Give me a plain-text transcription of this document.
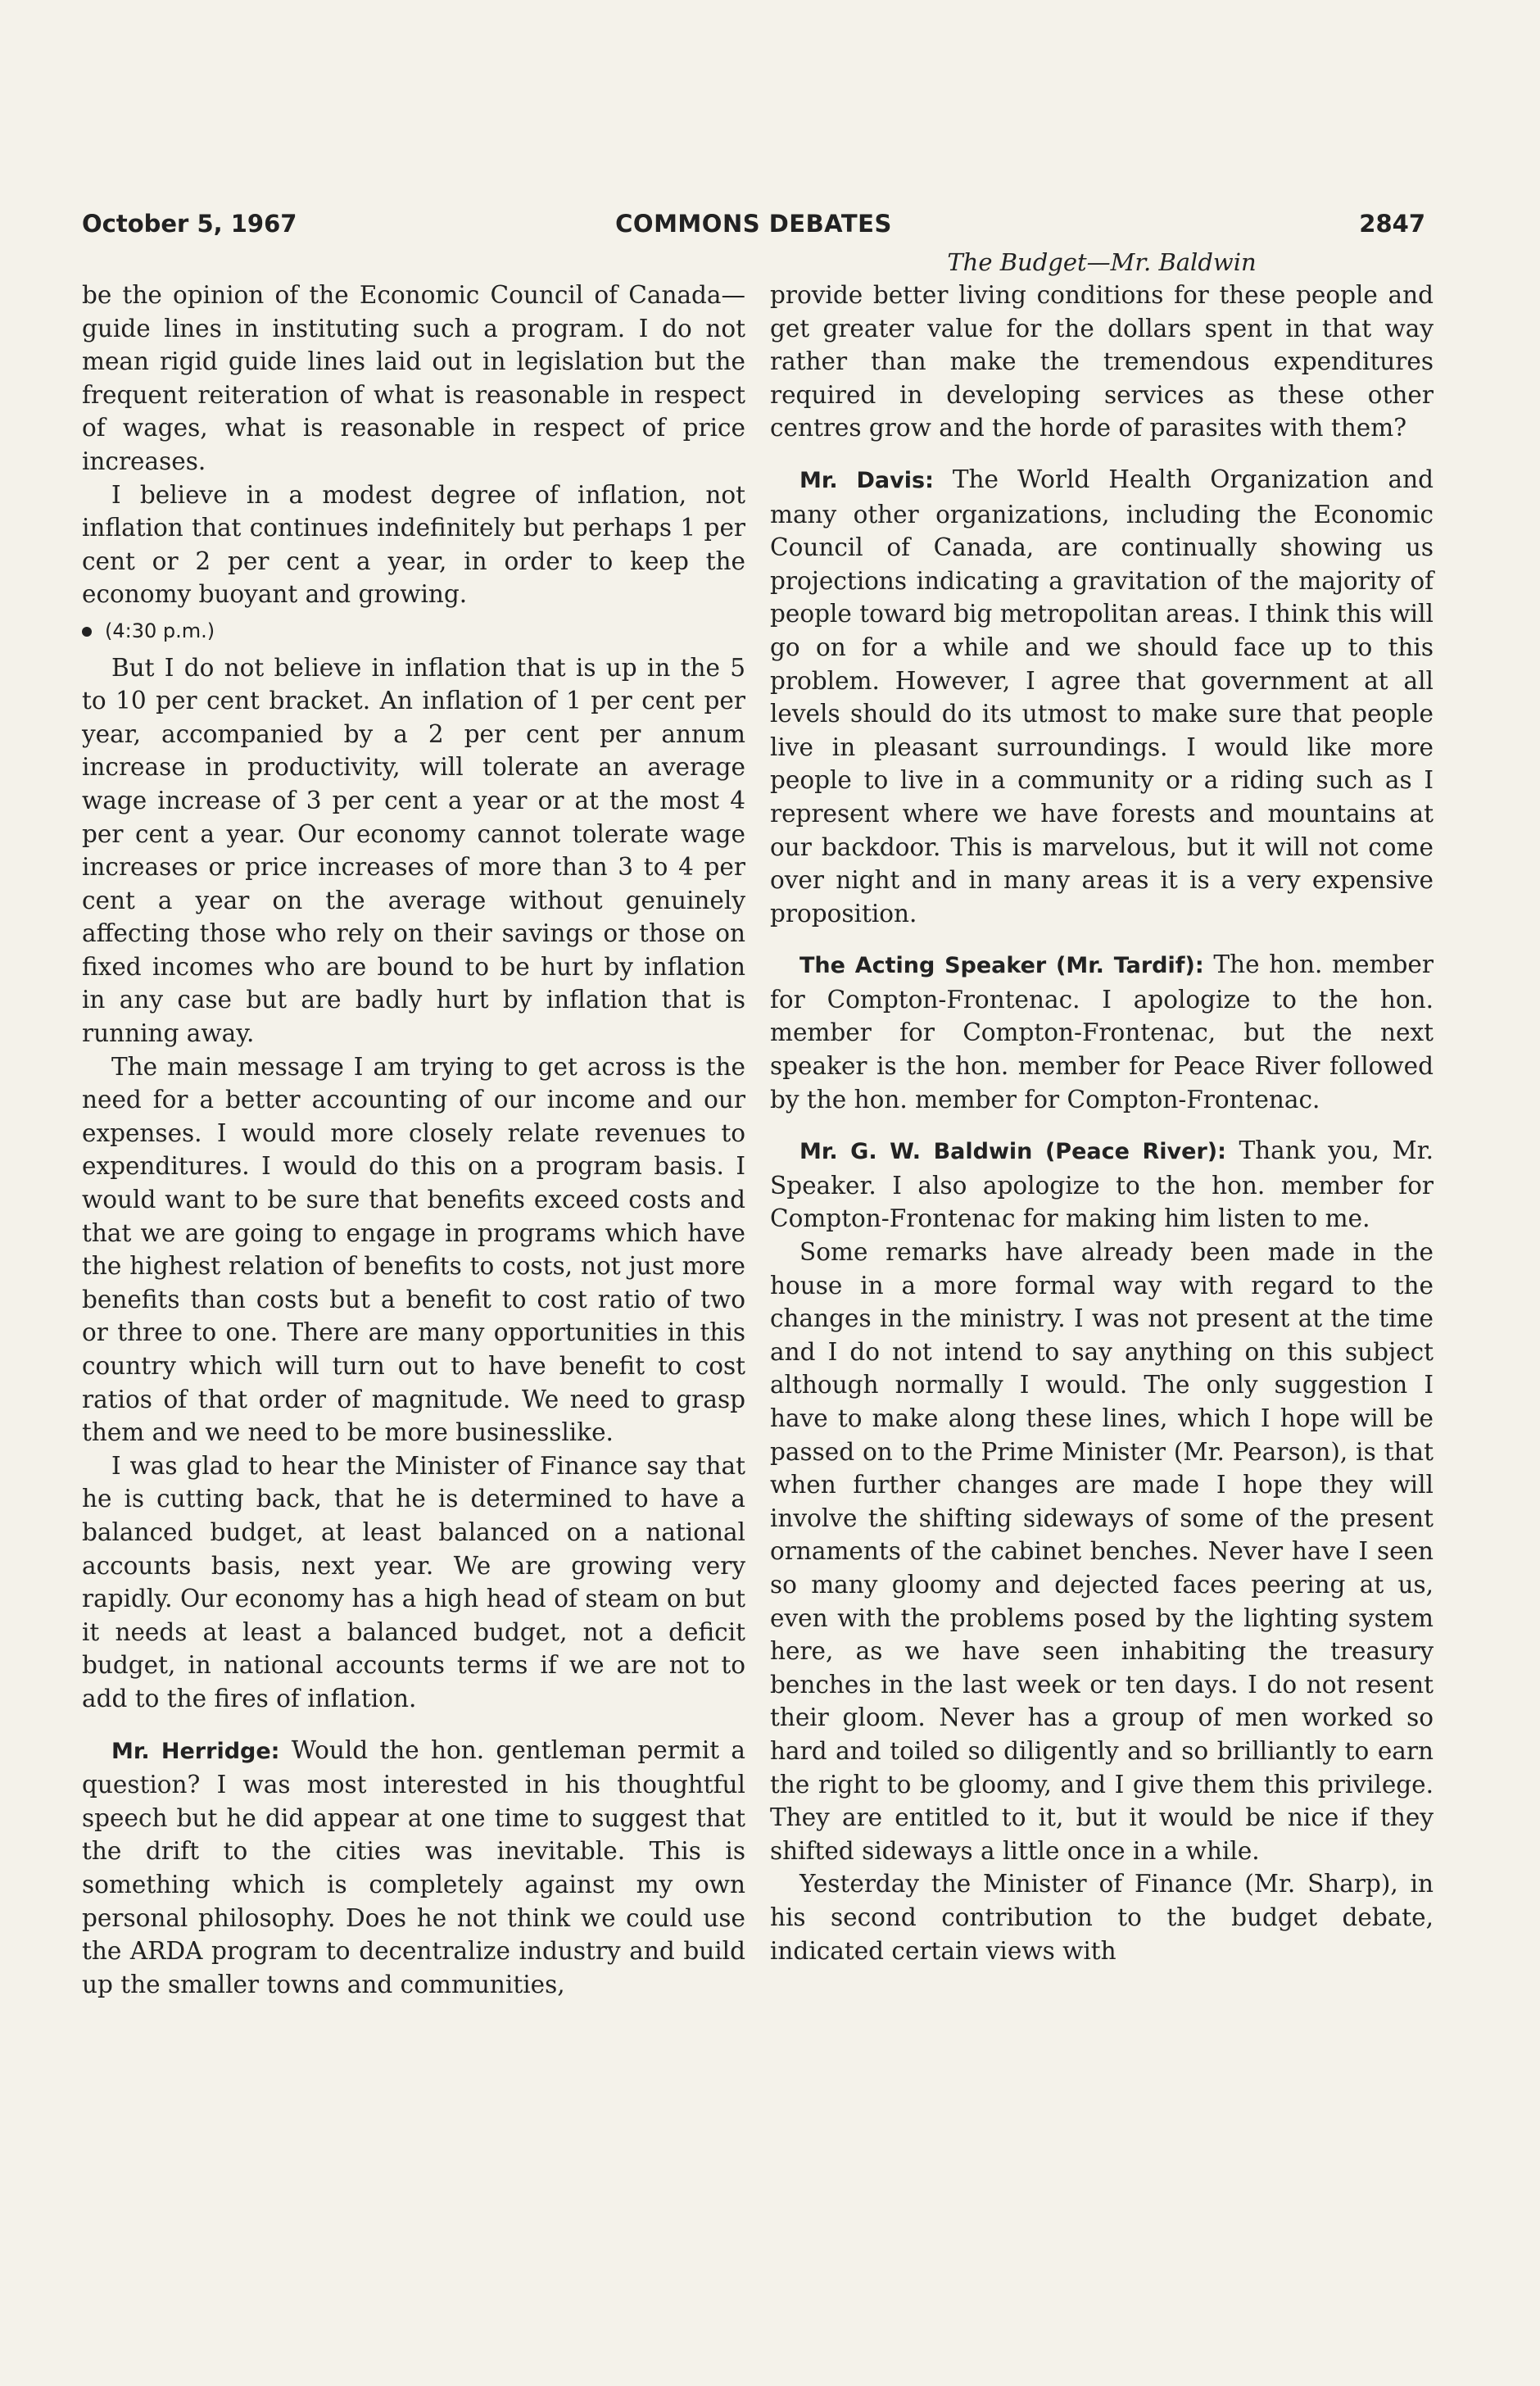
October 5, 1967	COMMONS DEBATES	2847

be the opinion of the Economic Council of Canada—guide lines in instituting such a program. I do not mean rigid guide lines laid out in legislation but the frequent reiteration of what is reasonable in respect of wages, what is reasonable in respect of price increases.

I believe in a modest degree of inflation, not inflation that continues indefinitely but perhaps 1 per cent or 2 per cent a year, in order to keep the economy buoyant and growing.

(4:30 p.m.)

But I do not believe in inflation that is up in the 5 to 10 per cent bracket. An inflation of 1 per cent per year, accompanied by a 2 per cent per annum increase in productivity, will tolerate an average wage increase of 3 per cent a year or at the most 4 per cent a year. Our economy cannot tolerate wage increases or price increases of more than 3 to 4 per cent a year on the average without genuinely affecting those who rely on their savings or those on fixed incomes who are bound to be hurt by inflation in any case but are badly hurt by inflation that is running away.

The main message I am trying to get across is the need for a better accounting of our income and our expenses. I would more closely relate revenues to expenditures. I would do this on a program basis. I would want to be sure that benefits exceed costs and that we are going to engage in programs which have the highest relation of benefits to costs, not just more benefits than costs but a benefit to cost ratio of two or three to one. There are many opportunities in this country which will turn out to have benefit to cost ratios of that order of magnitude. We need to grasp them and we need to be more businesslike.

I was glad to hear the Minister of Finance say that he is cutting back, that he is determined to have a balanced budget, at least balanced on a national accounts basis, next year. We are growing very rapidly. Our economy has a high head of steam on but it needs at least a balanced budget, not a deficit budget, in national accounts terms if we are not to add to the fires of inflation.

Mr. Herridge: Would the hon. gentleman permit a question? I was most interested in his thoughtful speech but he did appear at one time to suggest that the drift to the cities was inevitable. This is something which is completely against my own personal philosophy. Does he not think we could use the ARDA program to decentralize industry and build up the smaller towns and communities,

The Budget—Mr. Baldwin

provide better living conditions for these people and get greater value for the dollars spent in that way rather than make the tremendous expenditures required in developing services as these other centres grow and the horde of parasites with them?

Mr. Davis: The World Health Organization and many other organizations, including the Economic Council of Canada, are continually showing us projections indicating a gravitation of the majority of people toward big metropolitan areas. I think this will go on for a while and we should face up to this problem. However, I agree that government at all levels should do its utmost to make sure that people live in pleasant surroundings. I would like more people to live in a community or a riding such as I represent where we have forests and mountains at our backdoor. This is marvelous, but it will not come over night and in many areas it is a very expensive proposition.

The Acting Speaker (Mr. Tardif): The hon. member for Compton-Frontenac. I apologize to the hon. member for Compton-Frontenac, but the next speaker is the hon. member for Peace River followed by the hon. member for Compton-Frontenac.

Mr. G. W. Baldwin (Peace River): Thank you, Mr. Speaker. I also apologize to the hon. member for Compton-Frontenac for making him listen to me.

Some remarks have already been made in the house in a more formal way with regard to the changes in the ministry. I was not present at the time and I do not intend to say anything on this subject although normally I would. The only suggestion I have to make along these lines, which I hope will be passed on to the Prime Minister (Mr. Pearson), is that when further changes are made I hope they will involve the shifting sideways of some of the present ornaments of the cabinet benches. Never have I seen so many gloomy and dejected faces peering at us, even with the problems posed by the lighting system here, as we have seen inhabiting the treasury benches in the last week or ten days. I do not resent their gloom. Never has a group of men worked so hard and toiled so diligently and so brilliantly to earn the right to be gloomy, and I give them this privilege. They are entitled to it, but it would be nice if they shifted sideways a little once in a while.

Yesterday the Minister of Finance (Mr. Sharp), in his second contribution to the budget debate, indicated certain views with
